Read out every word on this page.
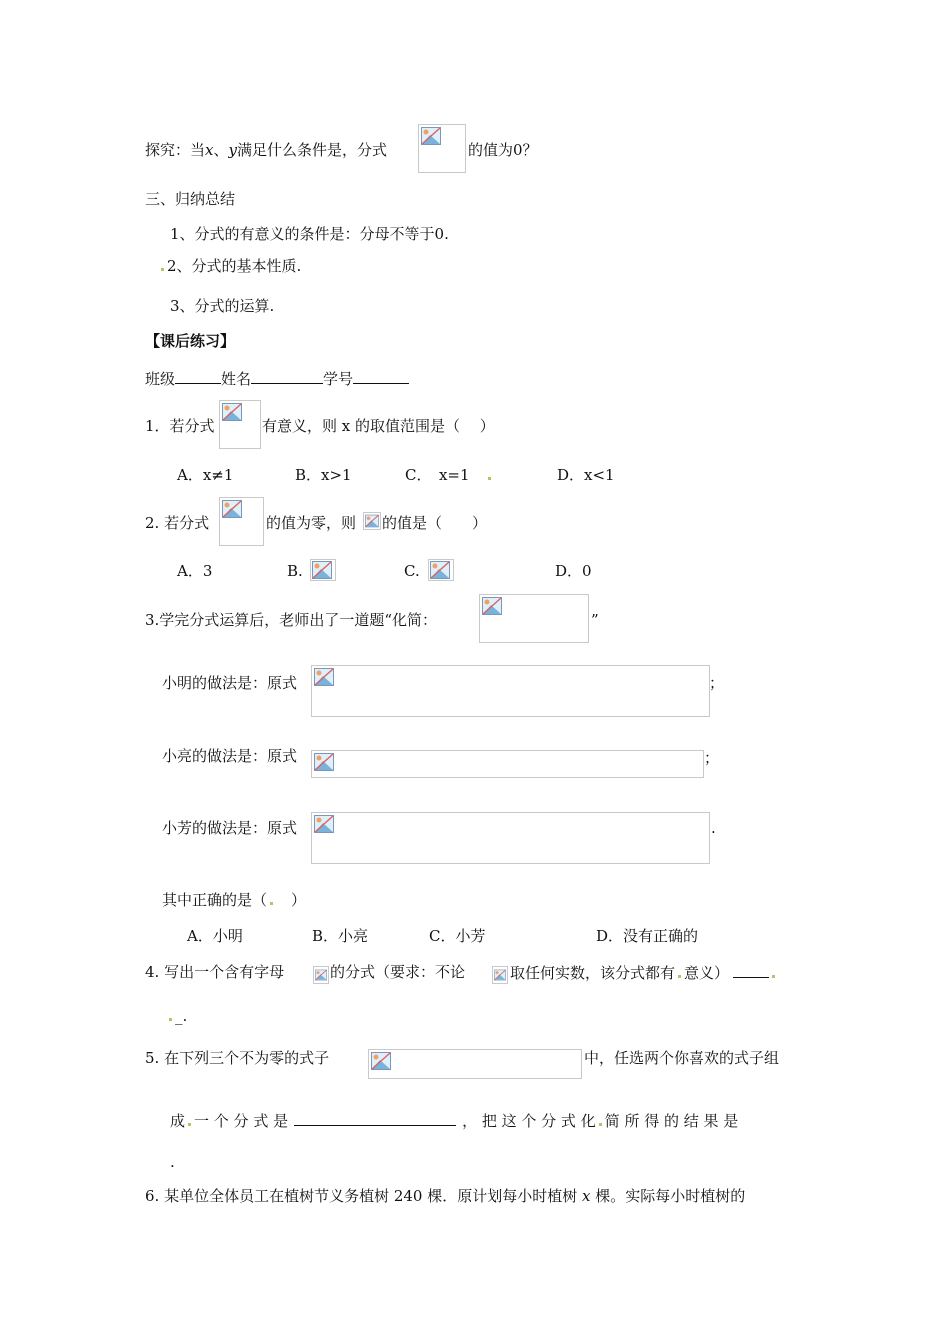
探究：当x、y满足什么条件是，分式	的值为0？
三、归纳总结
1、分式的有意义的条件是：分母不等于0.
2、分式的基本性质.
3、分式的运算.
【课后练习】
班级	姓名	学号
1．若分式	有意义，则 x 的取值范围是（　 ）
A．x≠1	B．x>1	C．　x=1	D．x<1
2. 若分式	的值为零，则 的值是（　　）
A．3	B.	C.	D．0
3.学完分式运算后，老师出了一道题“化简：	”
小明的做法是：原式	；
小亮的做法是：原式	；
小芳的做法是：原式	.
其中正确的是（　）
A．小明	B．小亮	C．小芳	D．没有正确的
4. 写出一个含有字母	的分式（要求：不论	取任何实数，该分式都有 意义）
_.
5. 在下列三个不为零的式子	中，任选两个你喜欢的式子组
成 一 个 分 式 是	， 把 这 个 分 式 化 简 所 得 的 结 果 是
.
6. 某单位全体员工在植树节义务植树 240 棵．原计划每小时植树 x 棵。实际每小时植树的
